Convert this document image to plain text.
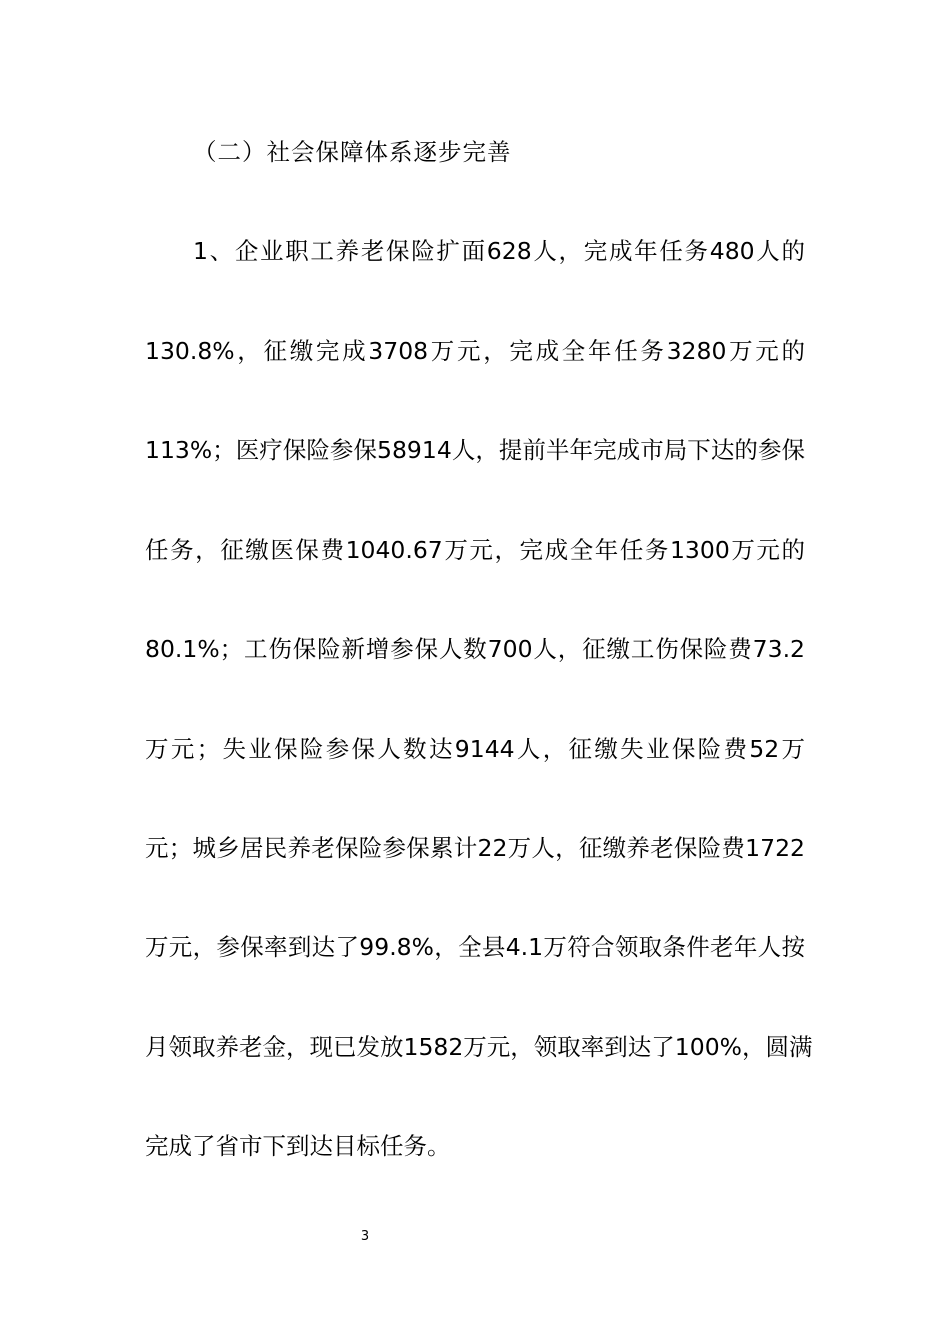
（二）社会保障体系逐步完善
1、企业职工养老保险扩面628人，完成年任务480人的
130.8%，征缴完成3708万元，完成全年任务3280万元的
113%；医疗保险参保58914人，提前半年完成市局下达的参保
任务，征缴医保费1040.67万元，完成全年任务1300万元的
80.1%；工伤保险新增参保人数700人，征缴工伤保险费73.2
万元；失业保险参保人数达9144人，征缴失业保险费52万
元；城乡居民养老保险参保累计22万人，征缴养老保险费1722
万元，参保率到达了99.8%，全县4.1万符合领取条件老年人按
月领取养老金，现已发放1582万元，领取率到达了100%，圆满
完成了省市下到达目标任务。
3
